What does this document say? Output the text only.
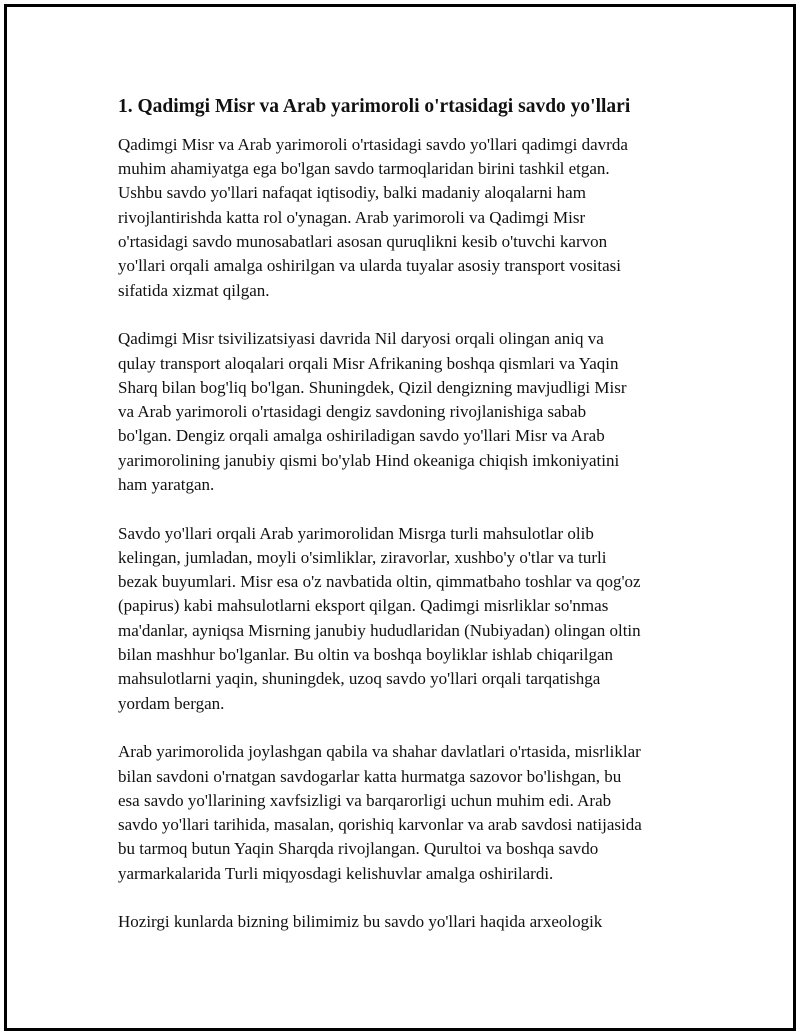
1. Qadimgi Misr va Arab yarimoroli o'rtasidagi savdo yo'llari

Qadimgi Misr va Arab yarimoroli o'rtasidagi savdo yo'llari qadimgi davrda
muhim ahamiyatga ega bo'lgan savdo tarmoqlaridan birini tashkil etgan.
Ushbu savdo yo'llari nafaqat iqtisodiy, balki madaniy aloqalarni ham
rivojlantirishda katta rol o'ynagan. Arab yarimoroli va Qadimgi Misr
o'rtasidagi savdo munosabatlari asosan quruqlikni kesib o'tuvchi karvon
yo'llari orqali amalga oshirilgan va ularda tuyalar asosiy transport vositasi
sifatida xizmat qilgan.

Qadimgi Misr tsivilizatsiyasi davrida Nil daryosi orqali olingan aniq va
qulay transport aloqalari orqali Misr Afrikaning boshqa qismlari va Yaqin
Sharq bilan bog'liq bo'lgan. Shuningdek, Qizil dengizning mavjudligi Misr
va Arab yarimoroli o'rtasidagi dengiz savdoning rivojlanishiga sabab
bo'lgan. Dengiz orqali amalga oshiriladigan savdo yo'llari Misr va Arab
yarimorolining janubiy qismi bo'ylab Hind okeaniga chiqish imkoniyatini
ham yaratgan.

Savdo yo'llari orqali Arab yarimorolidan Misrga turli mahsulotlar olib
kelingan, jumladan, moyli o'simliklar, ziravorlar, xushbo'y o'tlar va turli
bezak buyumlari. Misr esa o'z navbatida oltin, qimmatbaho toshlar va qog'oz
(papirus) kabi mahsulotlarni eksport qilgan. Qadimgi misrliklar so'nmas
ma'danlar, ayniqsa Misrning janubiy hududlaridan (Nubiyadan) olingan oltin
bilan mashhur bo'lganlar. Bu oltin va boshqa boyliklar ishlab chiqarilgan
mahsulotlarni yaqin, shuningdek, uzoq savdo yo'llari orqali tarqatishga
yordam bergan.

Arab yarimorolida joylashgan qabila va shahar davlatlari o'rtasida, misrliklar
bilan savdoni o'rnatgan savdogarlar katta hurmatga sazovor bo'lishgan, bu
esa savdo yo'llarining xavfsizligi va barqarorligi uchun muhim edi. Arab
savdo yo'llari tarihida, masalan, qorishiq karvonlar va arab savdosi natijasida
bu tarmoq butun Yaqin Sharqda rivojlangan. Qurultoi va boshqa savdo
yarmarkalarida Turli miqyosdagi kelishuvlar amalga oshirilardi.

Hozirgi kunlarda bizning bilimimiz bu savdo yo'llari haqida arxeologik
